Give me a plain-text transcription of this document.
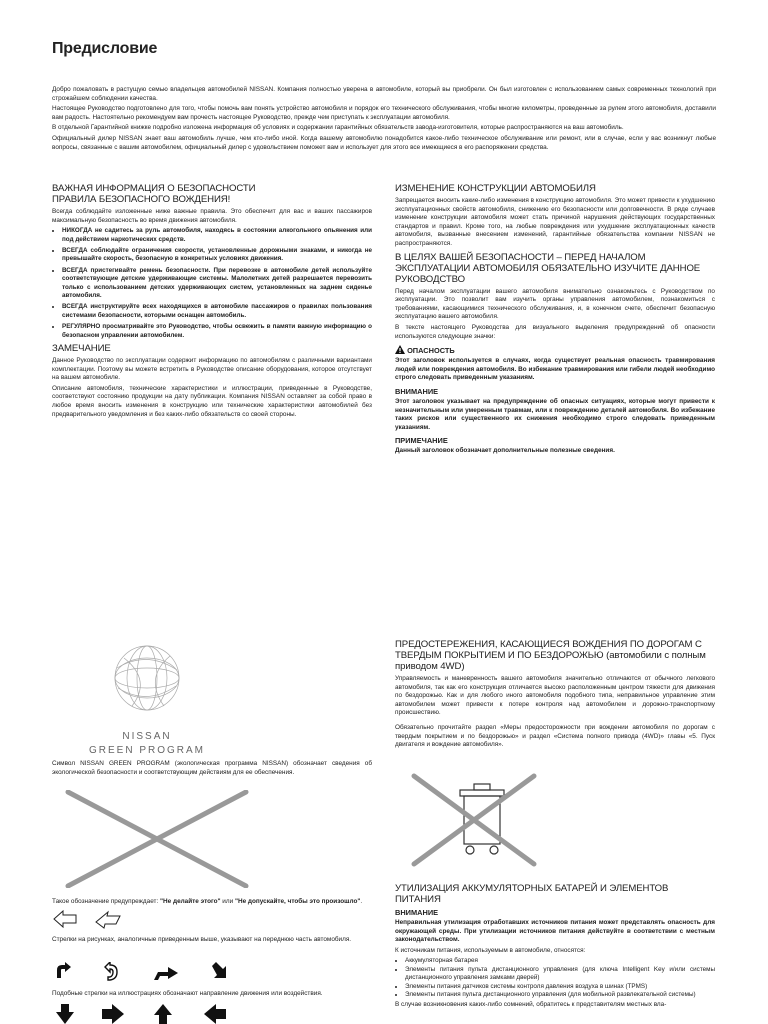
Предисловие

Добро пожаловать в растущую семью владельцев автомобилей NISSAN. Компания полностью уверена в автомобиле, который вы приобрели. Он был изготовлен с использованием самых современных технологий при строжайшем соблюдении качества.

Настоящее Руководство подготовлено для того, чтобы помочь вам понять устройство автомобиля и порядок его технического обслуживания, чтобы многие километры, проведенные за рулем этого автомобиля, доставили вам радость. Настоятельно рекомендуем вам прочесть настоящее Руководство, прежде чем приступать к эксплуатации автомобиля.

В отдельной Гарантийной книжке подробно изложена информация об условиях и содержании гарантийных обязательств завода-изготовителя, которые распространяются на ваш автомобиль.

Официальный дилер NISSAN знает ваш автомобиль лучше, чем кто-либо иной. Когда вашему автомобилю понадобится какое-либо техническое обслуживание или ремонт, или в случае, если у вас возникнут любые вопросы, связанные с вашим автомобилем, официальный дилер с удовольствием поможет вам и использует для этого все имеющиеся в его распоряжении средства.

ВАЖНАЯ ИНФОРМАЦИЯ О БЕЗОПАСНОСТИ
ПРАВИЛА БЕЗОПАСНОГО ВОЖДЕНИЯ!

Всегда соблюдайте изложенные ниже важные правила. Это обеспечит для вас и ваших пассажиров максимальную безопасность во время движения автомобиля.

• НИКОГДА не садитесь за руль автомобиля, находясь в состоянии алкогольного опьянения или под действием наркотических средств.
• ВСЕГДА соблюдайте ограничения скорости, установленные дорожными знаками, и никогда не превышайте скорость, безопасную в конкретных условиях движения.
• ВСЕГДА пристегивайте ремень безопасности. При перевозке в автомобиле детей используйте соответствующие детские удерживающие системы. Малолетних детей разрешается перевозить только с использованием детских удерживающих систем, установленных на заднем сиденье автомобиля.
• ВСЕГДА инструктируйте всех находящихся в автомобиле пассажиров о правилах пользования системами безопасности, которыми оснащен автомобиль.
• РЕГУЛЯРНО просматривайте это Руководство, чтобы освежить в памяти важную информацию о безопасном управлении автомобилем.
ЗАМЕЧАНИЕ

Данное Руководство по эксплуатации содержит информацию по автомобилям с различными вариантами комплектации. Поэтому вы можете встретить в Руководстве описание оборудования, которое отсутствует на вашем автомобиле.

Описание автомобиля, технические характеристики и иллюстрации, приведенные в Руководстве, соответствуют состоянию продукции на дату публикации. Компания NISSAN оставляет за собой право в любое время вносить изменения в конструкцию или технические характеристики автомобилей без предварительного уведомления и без каких-либо обязательств со своей стороны.

ИЗМЕНЕНИЕ КОНСТРУКЦИИ АВТОМОБИЛЯ

Запрещается вносить какие-либо изменения в конструкцию автомобиля. Это может привести к ухудшению эксплуатационных свойств автомобиля, снижению его безопасности или долговечности. В ряде случаев изменение конструкции автомобиля может стать причиной нарушения действующих государственных стандартов и правил. Кроме того, на любые повреждения или ухудшение эксплуатационных качеств автомобиля, вызванные внесением изменений, гарантийные обязательства компании NISSAN не распространяются.

В ЦЕЛЯХ ВАШЕЙ БЕЗОПАСНОСТИ – ПЕРЕД НАЧАЛОМ ЭКСПЛУАТАЦИИ АВТОМОБИЛЯ ОБЯЗАТЕЛЬНО ИЗУЧИТЕ ДАННОЕ РУКОВОДСТВО

Перед началом эксплуатации вашего автомобиля внимательно ознакомьтесь с Руководством по эксплуатации. Это позволит вам изучить органы управления автомобилем, познакомиться с требованиями, касающимися технического обслуживания, и, в конечном счете, обеспечит безопасную эксплуатацию вашего автомобиля.

В тексте настоящего Руководства для визуального выделения предупреждений об опасности используются следующие значки:

ОПАСНОСТЬ

Этот заголовок используется в случаях, когда существует реальная опасность травмирования людей или повреждения автомобиля. Во избежание травмирования или гибели людей необходимо строго следовать приведенным указаниям.

ВНИМАНИЕ

Этот заголовок указывает на предупреждение об опасных ситуациях, которые могут привести к незначительным или умеренным травмам, или к повреждению деталей автомобиля. Во избежание таких рисков или существенного их снижения необходимо строго следовать приведенным указаниям.

ПРИМЕЧАНИЕ

Данный заголовок обозначает дополнительные полезные сведения.

NISSAN
GREEN PROGRAM

Символ NISSAN GREEN PROGRAM (экологическая программа NISSAN) обозначает сведения об экологической безопасности и соответствующим действиям для ее обеспечения.

Такое обозначение предупреждает: "Не делайте этого" или "Не допускайте, чтобы это произошло".

Стрелки на рисунках, аналогичные приведенным выше, указывают на переднюю часть автомобиля.

Подобные стрелки на иллюстрациях обозначают направление движения или воздействия.

ПРЕДОСТЕРЕЖЕНИЯ, КАСАЮЩИЕСЯ ВОЖДЕНИЯ ПО ДОРОГАМ С ТВЕРДЫМ ПОКРЫТИЕМ И ПО БЕЗДОРОЖЬЮ (автомобили с полным приводом 4WD)

Управляемость и маневренность вашего автомобиля значительно отличаются от обычного легкового автомобиля, так как его конструкция отличается высоко расположенным центром тяжести для движения по бездорожью. Как и для любого иного автомобиля подобного типа, неправильное управление этим автомобилем может привести к потере контроля над автомобилем и дорожно-транспортному происшествию.

Обязательно прочитайте раздел «Меры предосторожности при вождении автомобиля по дорогам с твердым покрытием и по бездорожью» и раздел «Система полного привода (4WD)» главы «5. Пуск двигателя и вождение автомобиля».

УТИЛИЗАЦИЯ АККУМУЛЯТОРНЫХ БАТАРЕЙ И ЭЛЕМЕНТОВ ПИТАНИЯ
ВНИМАНИЕ

Неправильная утилизация отработавших источников питания может представлять опасность для окружающей среды. При утилизации источников питания действуйте в соответствии с местным законодательством.

К источникам питания, используемым в автомобиле, относятся:

• Аккумуляторная батарея
• Элементы питания пульта дистанционного управления (для ключа Intelligent Key и/или системы дистанционного управления замками дверей)
• Элементы питания датчиков системы контроля давления воздуха в шинах (TPMS)
• Элементы питания пульта дистанционного управления (для мобильной развлекательной системы)

В случае возникновения каких-либо сомнений, обратитесь к представителям местных вла-
